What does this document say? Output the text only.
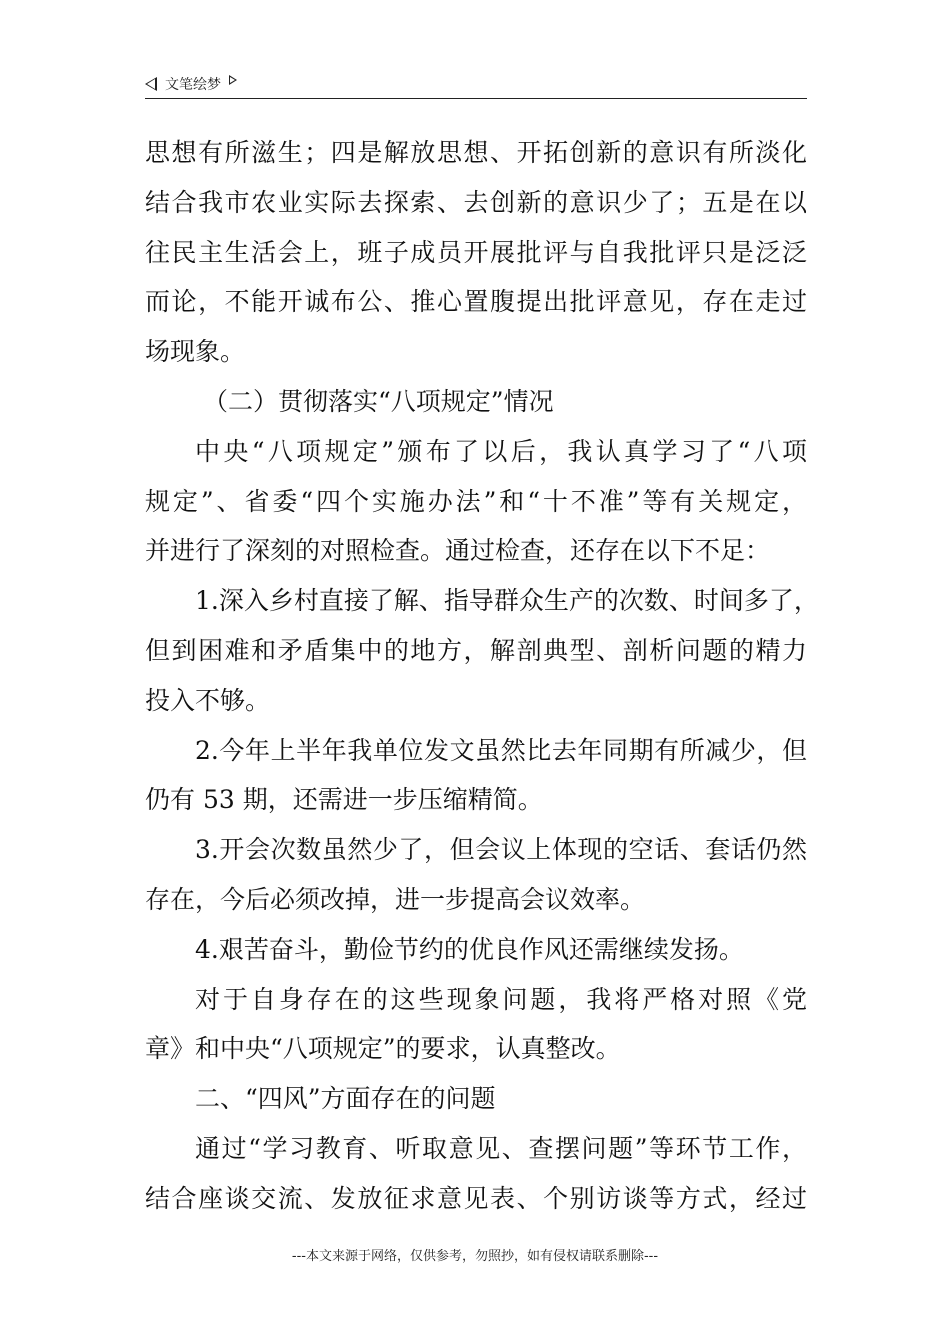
文笔绘梦
思想有所滋生；四是解放思想、开拓创新的意识有所淡化
结合我市农业实际去探索、去创新的意识少了；五是在以
往民主生活会上，班子成员开展批评与自我批评只是泛泛
而论，不能开诚布公、推心置腹提出批评意见，存在走过
场现象。
（二）贯彻落实“八项规定”情况
中央“八项规定”颁布了以后，我认真学习了“八项
规定”、省委“四个实施办法”和“十不准”等有关规定，
并进行了深刻的对照检查。通过检查，还存在以下不足：
1.深入乡村直接了解、指导群众生产的次数、时间多了，
但到困难和矛盾集中的地方，解剖典型、剖析问题的精力
投入不够。
2.今年上半年我单位发文虽然比去年同期有所减少，但
仍有 53 期，还需进一步压缩精简。
3.开会次数虽然少了，但会议上体现的空话、套话仍然
存在，今后必须改掉，进一步提高会议效率。
4.艰苦奋斗，勤俭节约的优良作风还需继续发扬。
对于自身存在的这些现象问题，我将严格对照《党
章》和中央“八项规定”的要求，认真整改。
二、“四风”方面存在的问题
通过“学习教育、听取意见、查摆问题”等环节工作，
结合座谈交流、发放征求意见表、个别访谈等方式，经过
---本文来源于网络，仅供参考，勿照抄，如有侵权请联系删除---
